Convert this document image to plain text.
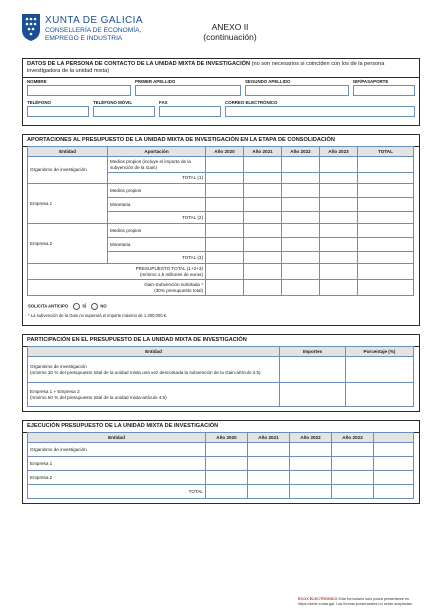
XUNTA DE GALICIA
CONSELLERÍA DE ECONOMÍA,
EMPREGO E INDUSTRIA
ANEXO II
(continuación)
DATOS DE LA PERSONA DE CONTACTO DE LA UNIDAD MIXTA DE INVESTIGACIÓN (no son necesarios si coinciden con los de la persona investigadora de la unidad mixta)
NOMBRE	PRIMER APELLIDO	SEGUNDO APELLIDO	NIF/PASAPORTE
TELÉFONO	TELÉFONO MÓVIL	FAX	CORREO ELECTRÓNICO
APORTACIONES AL PRESUPUESTO DE LA UNIDAD MIXTA DE INVESTIGACIÓN EN LA ETAPA DE CONSOLIDACIÓN
Entidad	Aportación	Año 2020	Año 2021	Año 2022	Año 2023	TOTAL
Organismo de investigación	Medios propios (incluye el importe de la subvención de la Gain)					
	TOTAL (1)					
Empresa 1	Medios propios					
	Monetaria					
	TOTAL (2)					
Empresa 2	Medios propios					
	Monetaria					
	TOTAL (3)					

PRESUPUESTO TOTAL (1+2+3)
(mínimo 1,5 millones de euros)						

Gain-Subvención solicitada *
(30% presupuesto total)						

SOLICITA ANTICIPO	SÍ	NO
* La subvención de la Gain no superará el importe máximo de 1.300.000 €.
PARTICIPACIÓN EN EL PRESUPUESTO DE LA UNIDAD MIXTA DE INVESTIGACIÓN
Entidad	Importes	Porcentaje (%)

Organismo de investigación
(mínimo 10 % del presupuesto total de la unidad mixta una vez descontada la subvención de la Gain-artículo 4.5)		

Empresa 1 + Empresa 2
(mínimo 50 % del presupuesto total de la unidad mixta-artículo 4.5)		

EJECUCIÓN PRESUPUESTO DE LA UNIDAD MIXTA DE INVESTIGACIÓN
Entidad	Año 2020	Año 2021	Año 2022	Año 2023	
Organismo de investigación					
Empresa 1					
Empresa 2					
TOTAL					
ECOX ELECTRÓNICO Este formulario sólo podrá presentarse en https://sede.xunta.gal. Las formas presenciales no serán aceptadas.
